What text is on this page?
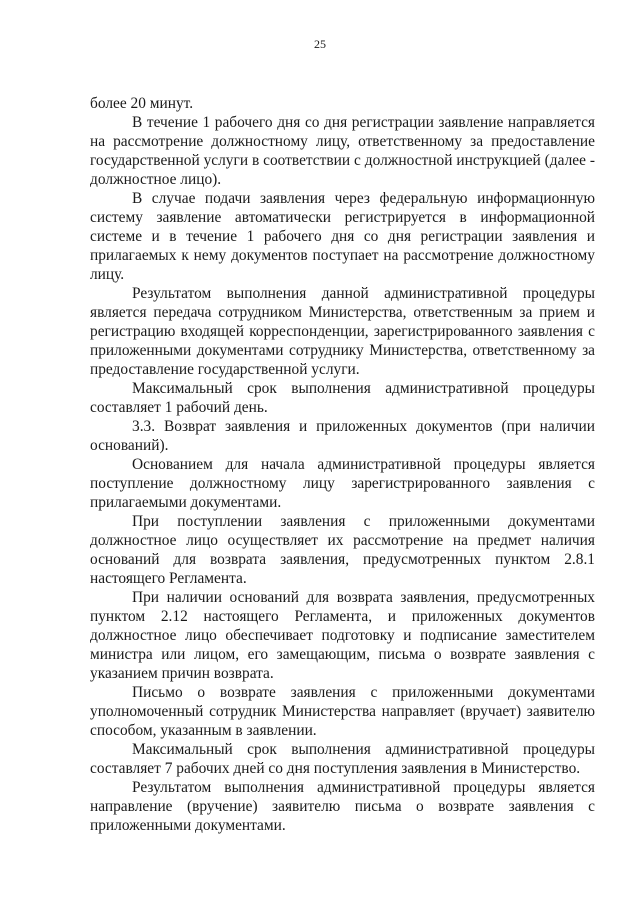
25

более 20 минут.

В течение 1 рабочего дня со дня регистрации заявление направляется на рассмотрение должностному лицу, ответственному за предоставление государственной услуги в соответствии с должностной инструкцией (далее - должностное лицо).

В случае подачи заявления через федеральную информационную систему заявление автоматически регистрируется в информационной системе и в течение 1 рабочего дня со дня регистрации заявления и прилагаемых к нему документов поступает на рассмотрение должностному лицу.

Результатом выполнения данной административной процедуры является передача сотрудником Министерства, ответственным за прием и регистрацию входящей корреспонденции, зарегистрированного заявления с приложенными документами сотруднику Министерства, ответственному за предоставление государственной услуги.

Максимальный срок выполнения административной процедуры составляет 1 рабочий день.

3.3. Возврат заявления и приложенных документов (при наличии оснований).

Основанием для начала административной процедуры является поступление должностному лицу зарегистрированного заявления с прилагаемыми документами.

При поступлении заявления с приложенными документами должностное лицо осуществляет их рассмотрение на предмет наличия оснований для возврата заявления, предусмотренных пунктом 2.8.1 настоящего Регламента.

При наличии оснований для возврата заявления, предусмотренных пунктом 2.12 настоящего Регламента, и приложенных документов должностное лицо обеспечивает подготовку и подписание заместителем министра или лицом, его замещающим, письма о возврате заявления с указанием причин возврата.

Письмо о возврате заявления с приложенными документами уполномоченный сотрудник Министерства направляет (вручает) заявителю способом, указанным в заявлении.

Максимальный срок выполнения административной процедуры составляет 7 рабочих дней со дня поступления заявления в Министерство.

Результатом выполнения административной процедуры является направление (вручение) заявителю письма о возврате заявления с приложенными документами.
